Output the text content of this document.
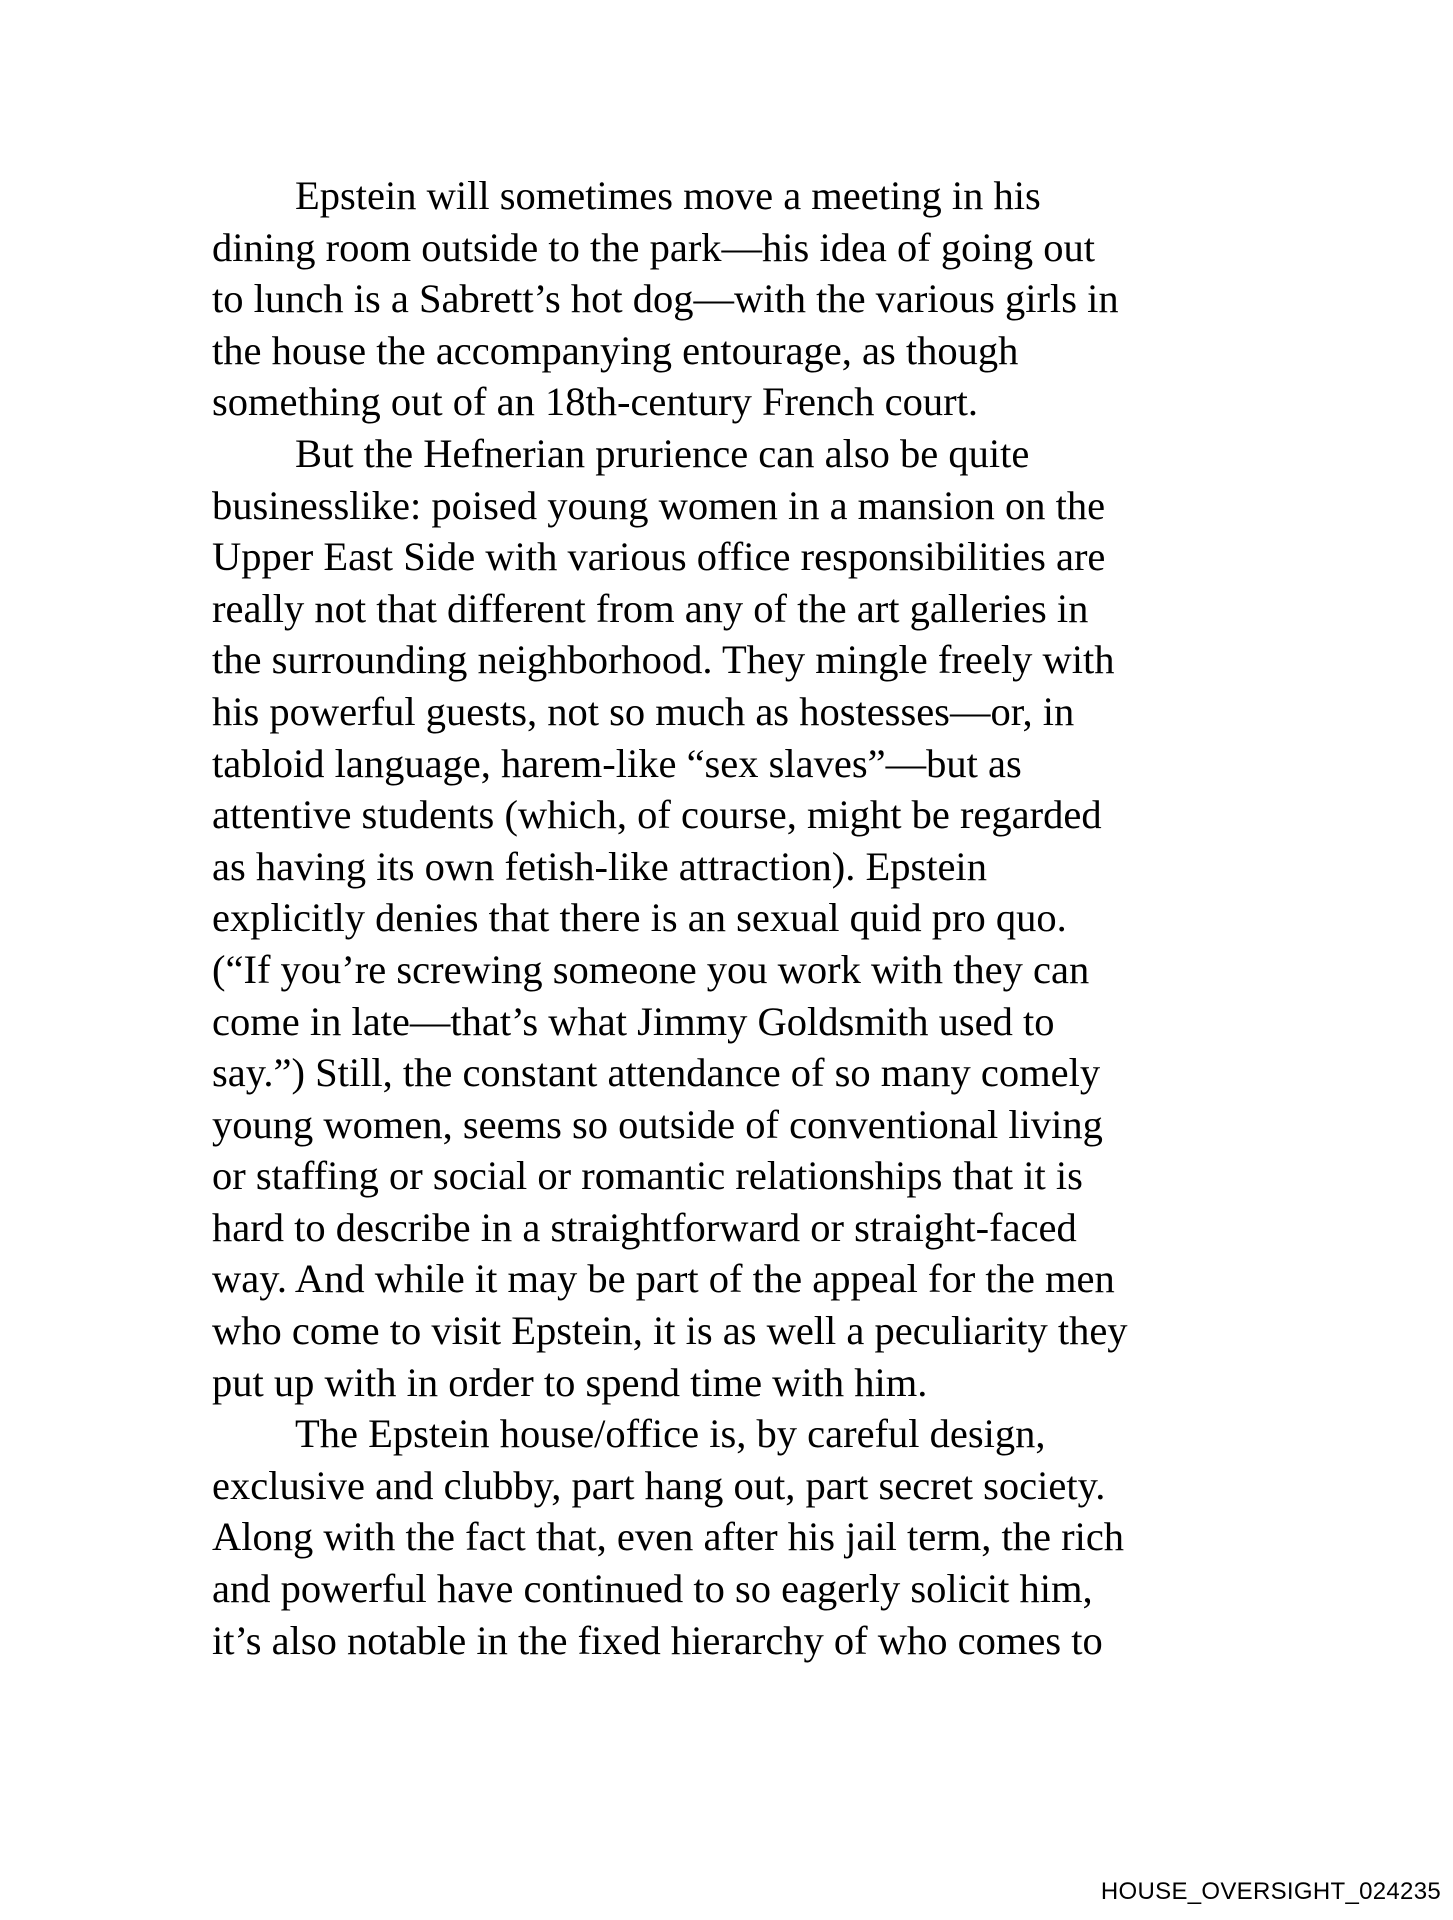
Epstein will sometimes move a meeting in his
dining room outside to the park—his idea of going out
to lunch is a Sabrett’s hot dog—with the various girls in
the house the accompanying entourage, as though
something out of an 18th-century French court.
But the Hefnerian prurience can also be quite
businesslike: poised young women in a mansion on the
Upper East Side with various office responsibilities are
really not that different from any of the art galleries in
the surrounding neighborhood. They mingle freely with
his powerful guests, not so much as hostesses—or, in
tabloid language, harem-like “sex slaves”—but as
attentive students (which, of course, might be regarded
as having its own fetish-like attraction). Epstein
explicitly denies that there is an sexual quid pro quo.
(“If you’re screwing someone you work with they can
come in late—that’s what Jimmy Goldsmith used to
say.”) Still, the constant attendance of so many comely
young women, seems so outside of conventional living
or staffing or social or romantic relationships that it is
hard to describe in a straightforward or straight-faced
way. And while it may be part of the appeal for the men
who come to visit Epstein, it is as well a peculiarity they
put up with in order to spend time with him.
The Epstein house/office is, by careful design,
exclusive and clubby, part hang out, part secret society.
Along with the fact that, even after his jail term, the rich
and powerful have continued to so eagerly solicit him,
it’s also notable in the fixed hierarchy of who comes to
HOUSE_OVERSIGHT_024235
